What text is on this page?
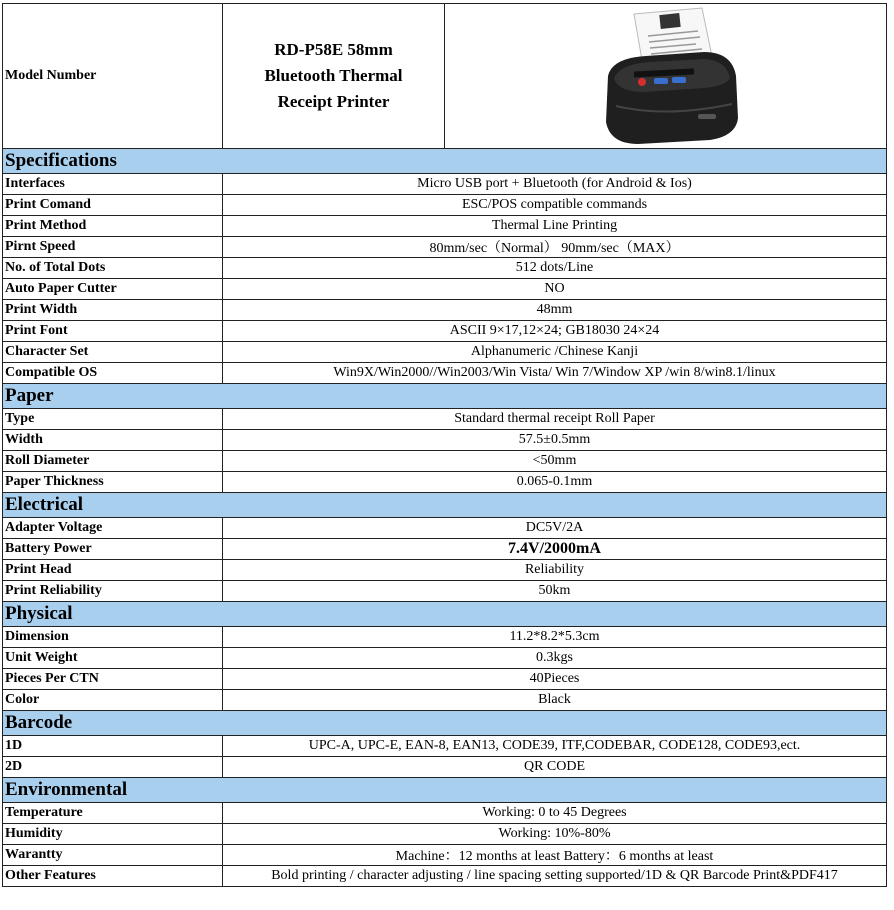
Model Number	RD-P58E 58mm
Bluetooth Thermal
Receipt Printer

Specifications		
Interfaces	Micro USB port + Bluetooth (for Android & Ios)	
Print Comand	ESC/POS compatible commands	
Print Method	Thermal Line Printing	
Pirnt Speed	80mm/sec（Normal） 90mm/sec（MAX）	
No. of Total Dots	512 dots/Line	
Auto Paper Cutter	NO	
Print Width	48mm	
Print Font	ASCII 9×17,12×24; GB18030 24×24	
Character Set	Alphanumeric /Chinese Kanji	
Compatible OS	Win9X/Win2000//Win2003/Win Vista/ Win 7/Window XP /win 8/win8.1/linux	
Paper		
Type	Standard thermal receipt Roll Paper	
Width	57.5±0.5mm	
Roll Diameter	<50mm	
Paper Thickness	0.065-0.1mm	
Electrical		
Adapter Voltage	DC5V/2A	
Battery Power	7.4V/2000mA	
Print Head	Reliability	
Print Reliability	50km	
Physical		
Dimension	11.2*8.2*5.3cm	
Unit Weight	0.3kgs	
Pieces Per CTN	40Pieces	
Color	Black	
Barcode		
1D	UPC-A, UPC-E, EAN-8, EAN13, CODE39, ITF,CODEBAR, CODE128, CODE93,ect.	
2D	QR CODE	
Environmental		
Temperature	Working: 0 to 45 Degrees	
Humidity	Working: 10%-80%	
Warantty	Machine：12 months at least Battery：6 months at least	
Other Features	Bold printing / character adjusting / line spacing setting supported/1D & QR Barcode Print&PDF417	
